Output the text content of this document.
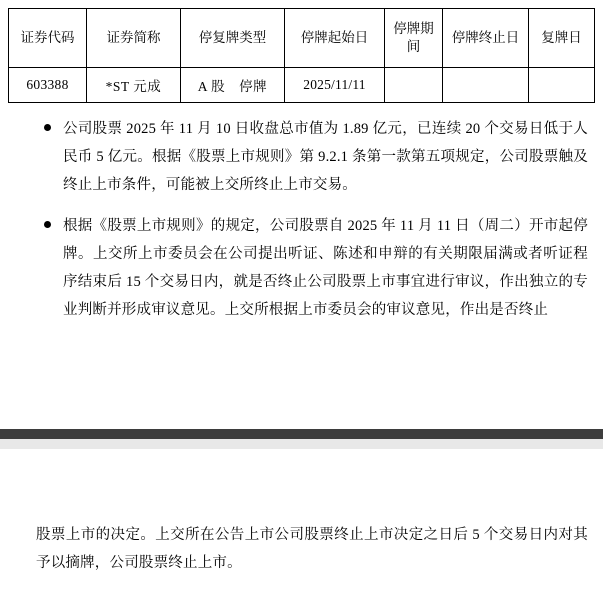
证券代码	证券简称	停复牌类型	停牌起始日	停牌期间	停牌终止日	复牌日

603388	*ST 元成	A 股　停牌	2025/11/11			
公司股票 2025 年 11 月 10 日收盘总市值为 1.89 亿元，已连续 20 个交易日低于人民币 5 亿元。根据《股票上市规则》第 9.2.1 条第一款第五项规定，公司股票触及终止上市条件，可能被上交所终止上市交易。
根据《股票上市规则》的规定，公司股票自 2025 年 11 月 11 日（周二）开市起停牌。上交所上市委员会在公司提出听证、陈述和申辩的有关期限届满或者听证程序结束后 15 个交易日内，就是否终止公司股票上市事宜进行审议，作出独立的专业判断并形成审议意见。上交所根据上市委员会的审议意见，作出是否终止
股票上市的决定。上交所在公告上市公司股票终止上市决定之日后 5 个交易日内对其予以摘牌，公司股票终止上市。
